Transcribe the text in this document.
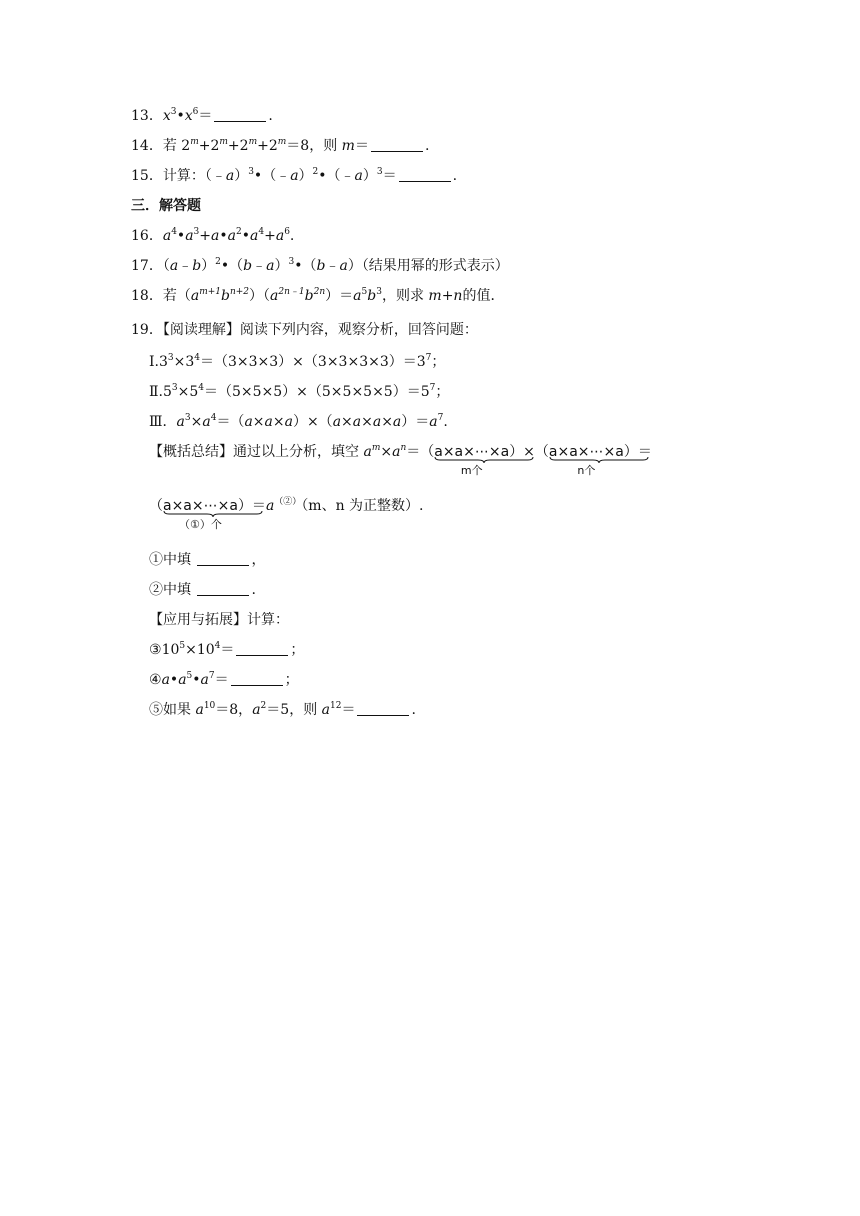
13．$x^3•x^6=$	.
14．若 $2^m+2^m+2^m+2^m=8$，则 m＝	.
15．计算：（﹣a）$^3$•（﹣a）$^2$•（﹣a）$^3$＝	.
三．解答题
16．$a^4•a^3+a•a^2•a^4+a^6$.
17．（a﹣b）$^2$•（b﹣a）$^3$•（b﹣a）（结果用幂的形式表示）
18．若$(a^{m+1}b^{n+2})(a^{2n﹣1}b^{2n})=a^5b^3$，则求 m+n的值．
19．【阅读理解】阅读下列内容，观察分析，回答问题：
$Ⅰ.3^3\times 3^4=(3\times 3\times 3)\times(3\times 3\times 3\times 3)=3^7$；
$Ⅱ.5^3\times 5^4=(5\times 5\times 5)\times(5\times 5\times 5\times 5)=5^7$；
Ⅲ．$a^3\times a^4=(a\times a\times a)\times(a\times a\times a\times a)=a^7$.
【概括总结】通过以上分析，填空 $a^m\times a^n=(a\times a\times\cdots\times a$
m个
）×（a×a×⋯×a
n个
）＝
（a×a×⋯×a
（①）个
）＝a（②）（m、n 为正整数）.
①中填	，
②中填	.
【应用与拓展】计算：
$③10^5\times 10^4=$	；
$④a•a^5•a^7=$	；
⑤如果 $a^{10}=8$，$a^2=5$，则 $a^{12}=$	.
